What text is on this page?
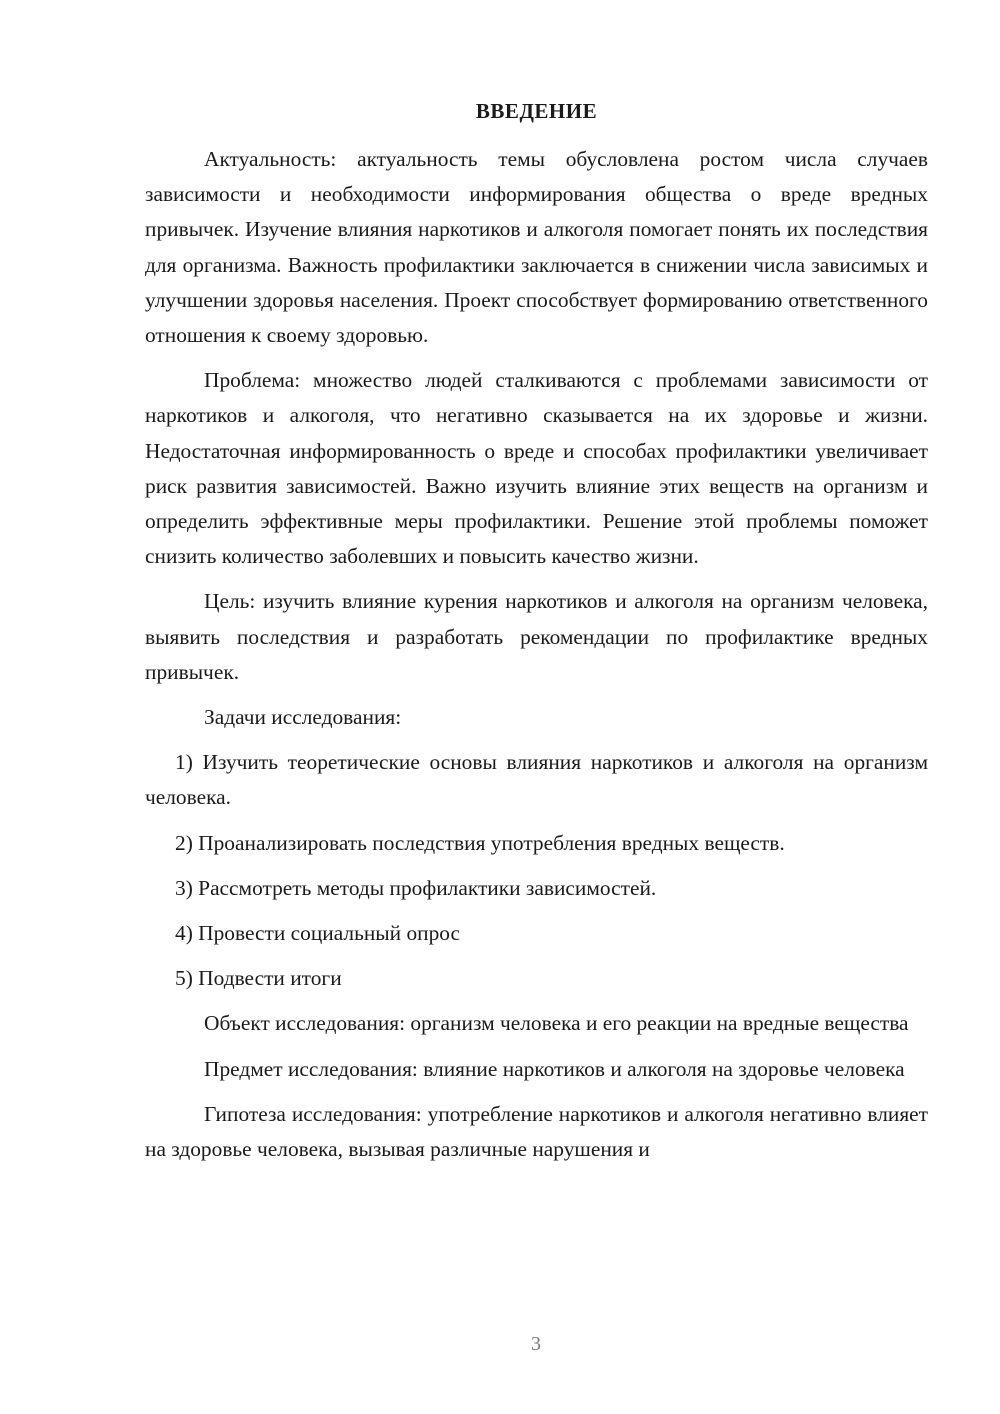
ВВЕДЕНИЕ

Актуальность: актуальность темы обусловлена ростом числа случаев зависимости и необходимости информирования общества о вреде вредных привычек. Изучение влияния наркотиков и алкоголя помогает понять их последствия для организма. Важность профилактики заключается в снижении числа зависимых и улучшении здоровья населения. Проект способствует формированию ответственного отношения к своему здоровью.

Проблема: множество людей сталкиваются с проблемами зависимости от наркотиков и алкоголя, что негативно сказывается на их здоровье и жизни. Недостаточная информированность о вреде и способах профилактики увеличивает риск развития зависимостей. Важно изучить влияние этих веществ на организм и определить эффективные меры профилактики. Решение этой проблемы поможет снизить количество заболевших и повысить качество жизни.

Цель: изучить влияние курения наркотиков и алкоголя на организм человека, выявить последствия и разработать рекомендации по профилактике вредных привычек.

Задачи исследования:

1) Изучить теоретические основы влияния наркотиков и алкоголя на организм человека.

2) Проанализировать последствия употребления вредных веществ.

3) Рассмотреть методы профилактики зависимостей.

4) Провести социальный опрос

5) Подвести итоги

Объект исследования: организм человека и его реакции на вредные вещества

Предмет исследования: влияние наркотиков и алкоголя на здоровье человека

Гипотеза исследования: употребление наркотиков и алкоголя негативно влияет на здоровье человека, вызывая различные нарушения и

3
